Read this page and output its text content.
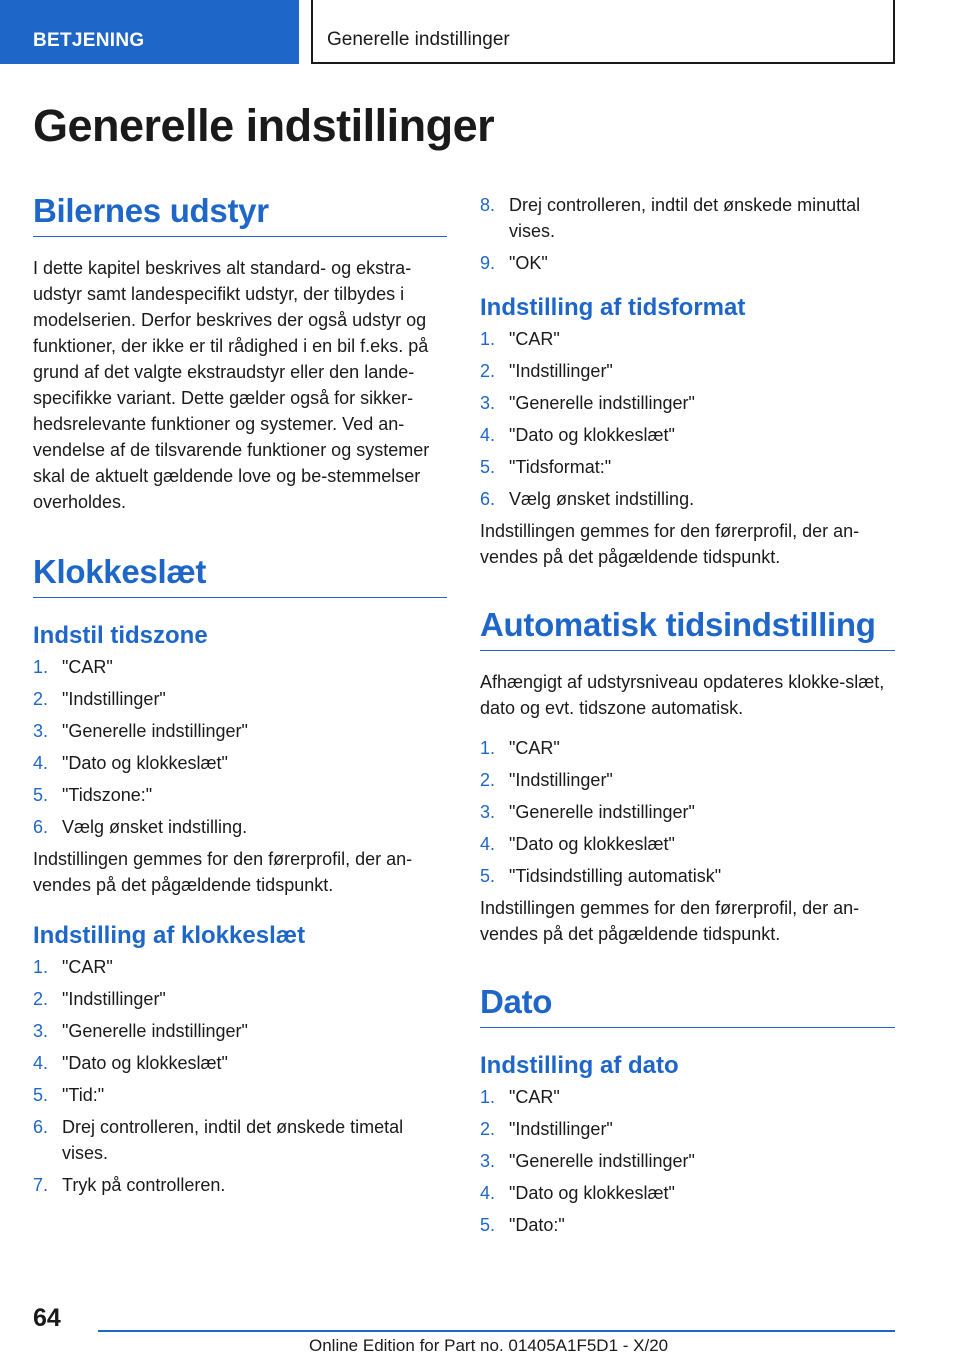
BETJENING	Generelle indstillinger
Generelle indstillinger
Bilernes udstyr

I dette kapitel beskrives alt standard- og ekstra-udstyr samt landespecifikt udstyr, der tilbydes i modelserien. Derfor beskrives der også udstyr og funktioner, der ikke er til rådighed i en bil f.eks. på grund af det valgte ekstraudstyr eller den lande-specifikke variant. Dette gælder også for sikker-hedsrelevante funktioner og systemer. Ved an-vendelse af de tilsvarende funktioner og systemer skal de aktuelt gældende love og be-stemmelser overholdes.

Klokkeslæt
Indstil tidszone
1. "CAR"
2. "Indstillinger"
3. "Generelle indstillinger"
4. "Dato og klokkeslæt"
5. "Tidszone:"
6. Vælg ønsket indstilling.

Indstillingen gemmes for den førerprofil, der an-vendes på det pågældende tidspunkt.

Indstilling af klokkeslæt
1. "CAR"
2. "Indstillinger"
3. "Generelle indstillinger"
4. "Dato og klokkeslæt"
5. "Tid:"
6. Drej controlleren, indtil det ønskede timetal vises.
7. Tryk på controlleren.
8. Drej controlleren, indtil det ønskede minuttal vises.
9. "OK"
Indstilling af tidsformat
1. "CAR"
2. "Indstillinger"
3. "Generelle indstillinger"
4. "Dato og klokkeslæt"
5. "Tidsformat:"
6. Vælg ønsket indstilling.

Indstillingen gemmes for den førerprofil, der an-vendes på det pågældende tidspunkt.

Automatisk tidsindstilling

Afhængigt af udstyrsniveau opdateres klokke-slæt, dato og evt. tidszone automatisk.

1. "CAR"
2. "Indstillinger"
3. "Generelle indstillinger"
4. "Dato og klokkeslæt"
5. "Tidsindstilling automatisk"

Indstillingen gemmes for den førerprofil, der an-vendes på det pågældende tidspunkt.

Dato
Indstilling af dato
1. "CAR"
2. "Indstillinger"
3. "Generelle indstillinger"
4. "Dato og klokkeslæt"
5. "Dato:"
64
Online Edition for Part no. 01405A1F5D1 - X/20
